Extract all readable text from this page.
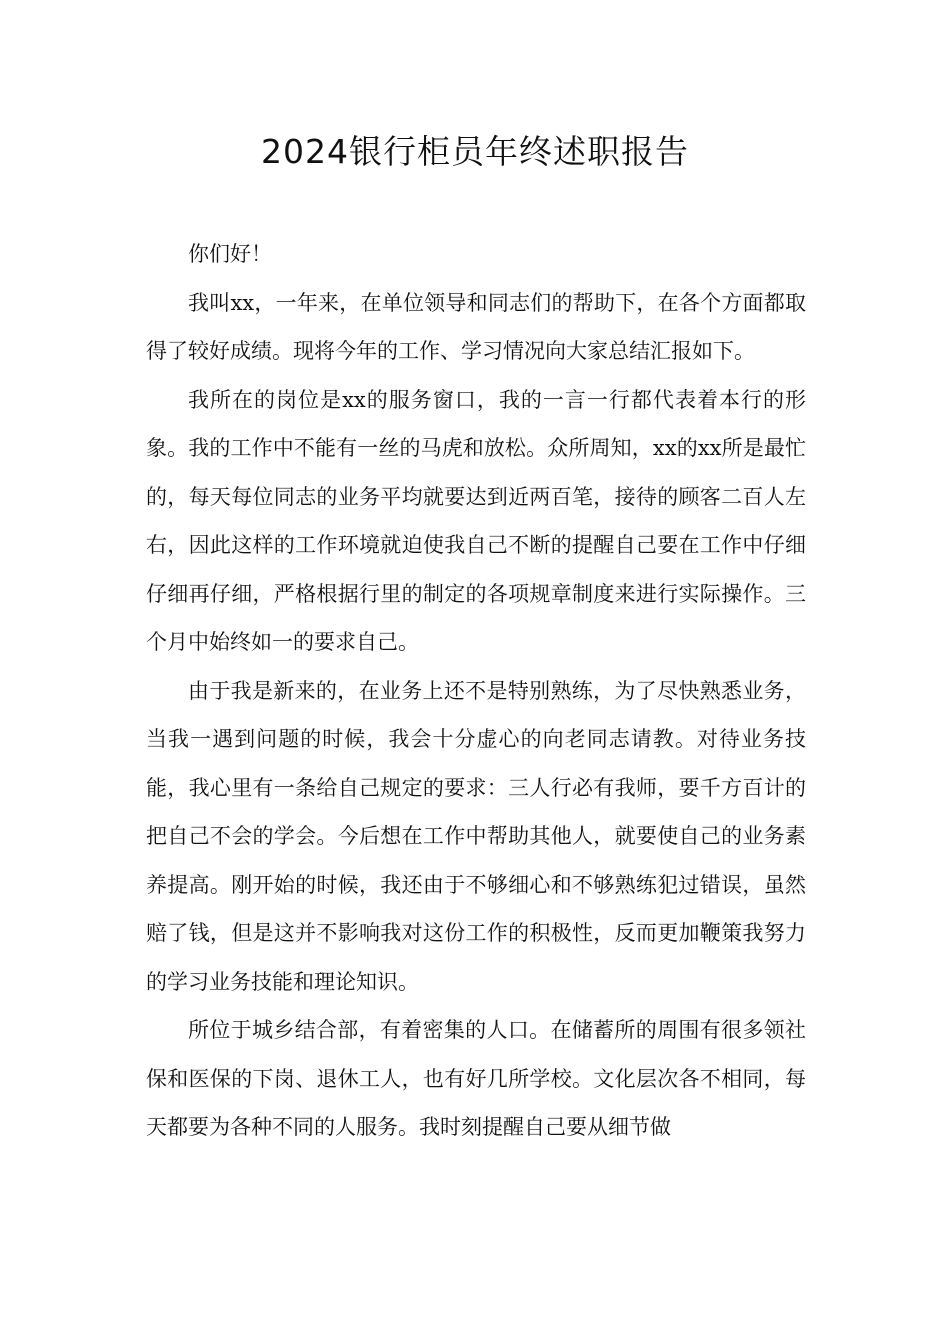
2024银行柜员年终述职报告

你们好！

我叫xx，一年来，在单位领导和同志们的帮助下，在各个方面都取得了较好成绩。现将今年的工作、学习情况向大家总结汇报如下。

我所在的岗位是xx的服务窗口，我的一言一行都代表着本行的形象。我的工作中不能有一丝的马虎和放松。众所周知，xx的xx所是最忙的，每天每位同志的业务平均就要达到近两百笔，接待的顾客二百人左右，因此这样的工作环境就迫使我自己不断的提醒自己要在工作中仔细仔细再仔细，严格根据行里的制定的各项规章制度来进行实际操作。三个月中始终如一的要求自己。

由于我是新来的，在业务上还不是特别熟练，为了尽快熟悉业务，当我一遇到问题的时候，我会十分虚心的向老同志请教。对待业务技能，我心里有一条给自己规定的要求：三人行必有我师，要千方百计的把自己不会的学会。今后想在工作中帮助其他人，就要使自己的业务素养提高。刚开始的时候，我还由于不够细心和不够熟练犯过错误，虽然赔了钱，但是这并不影响我对这份工作的积极性，反而更加鞭策我努力的学习业务技能和理论知识。

所位于城乡结合部，有着密集的人口。在储蓄所的周围有很多领社保和医保的下岗、退休工人，也有好几所学校。文化层次各不相同，每天都要为各种不同的人服务。我时刻提醒自己要从细节做
